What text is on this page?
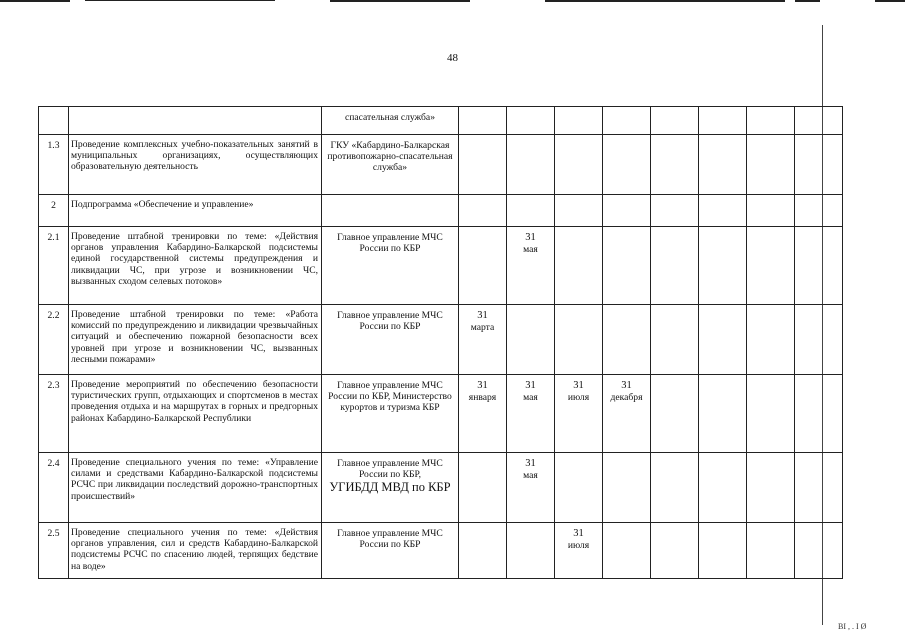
48
		спасательная служба»								
1.3	Проведение комплексных учебно-показательных занятий в муниципальных организациях, осуществляющих образовательную деятельность	ГКУ «Кабардино-Балкарская противопожарно-спасательная служба»								
2	Подпрограмма «Обеспечение и управление»									
2.1	Проведение штабной тренировки по теме: «Действия органов управления Кабардино-Балкарской подсистемы единой государственной системы предупреждения и ликвидации ЧС, при угрозе и возникновении ЧС, вызванных сходом селевых потоков»	Главное управление МЧС России по КБР		31
мая						

2.2	Проведение штабной тренировки по теме: «Работа комиссий по предупреждению и ликвидации чрезвычайных ситуаций и обеспечению пожарной безопасности всех уровней при угрозе и возникновении ЧС, вызванных лесными пожарами»	Главное управление МЧС России по КБР	31
марта							

2.3	Проведение мероприятий по обеспечению безопасности туристических групп, отдыхающих и спортсменов в местах проведения отдыха и на маршрутах в горных и предгорных районах Кабардино-Балкарской Республики	Главное управление МЧС России по КБР, Министерство курортов и туризма КБР	31
января	31
мая	31
июля	31
декабря				

2.4	Проведение специального учения по теме: «Управление силами и средствами Кабардино-Балкарской подсистемы РСЧС при ликвидации последствий дорожно-транспортных происшествий»	Главное управление МЧС России по КБР,
УГИБДД МВД по КБР		31
мая						

2.5	Проведение специального учения по теме: «Действия органов управления, сил и средств Кабардино-Балкарской подсистемы РСЧС по спасению людей, терпящих бедствие на воде»	Главное управление МЧС России по КБР			31
июля					

ВI , . I Ø
